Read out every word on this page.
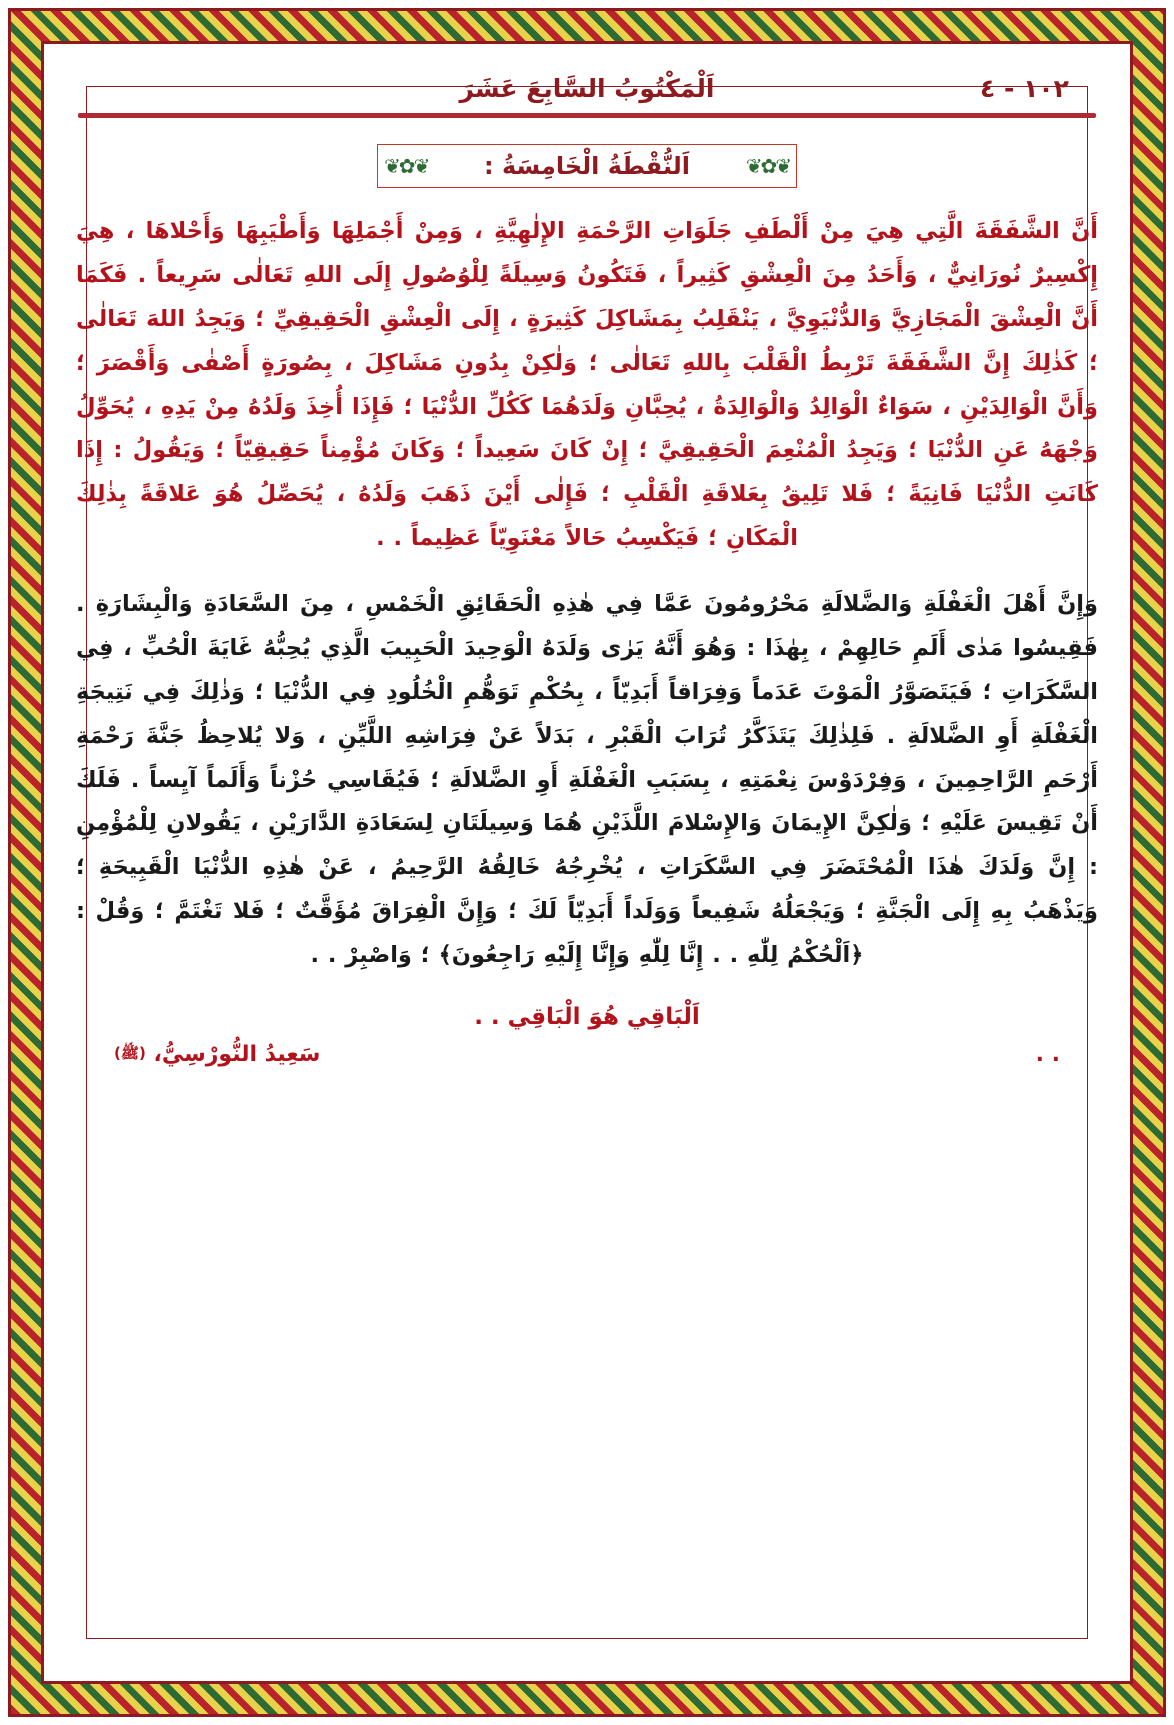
١٠٢ - ٤
اَلْمَكْتُوبُ السَّابِعَ عَشَرَ
❦✿❦
اَلنُّقْطَةُ الْخَامِسَةُ :
❦✿❦
أَنَّ الشَّفَقَةَ الَّتِي هِيَ مِنْ أَلْطَفِ جَلَوَاتِ الرَّحْمَةِ الإِلٰهِيَّةِ ، وَمِنْ أَجْمَلِهَا وَأَطْيَبِهَا وَأَحْلاهَا ، هِيَ إِكْسِيرٌ نُورَانِيٌّ ، وَأَحَدُ مِنَ الْعِشْقِ كَثِيراً ، فَتَكُونُ وَسِيلَةً لِلْوُصُولِ إِلَى اللهِ تَعَالٰى سَرِيعاً . فَكَمَا أَنَّ الْعِشْقَ الْمَجَازِيَّ وَالدُّنْيَوِيَّ ، يَنْقَلِبُ بِمَشَاكِلَ كَثِيرَةٍ ، إِلَى الْعِشْقِ الْحَقِيقِيِّ ؛ وَيَجِدُ اللهَ تَعَالٰى ؛ كَذٰلِكَ إِنَّ الشَّفَقَةَ تَرْبِطُ الْقَلْبَ بِاللهِ تَعَالٰى ؛ وَلٰكِنْ بِدُونِ مَشَاكِلَ ، بِصُورَةٍ أَصْفٰى وَأَقْصَرَ ؛ وَأَنَّ الْوَالِدَيْنِ ، سَوَاءٌ الْوَالِدُ وَالْوَالِدَةُ ، يُحِبَّانِ وَلَدَهُمَا كَكُلِّ الدُّنْيَا ؛ فَإِذَا أُخِذَ وَلَدُهُ مِنْ يَدِهِ ، يُحَوِّلُ وَجْهَهُ عَنِ الدُّنْيَا ؛ وَيَجِدُ الْمُنْعِمَ الْحَقِيقِيَّ ؛ إِنْ كَانَ سَعِيداً ؛ وَكَانَ مُؤْمِناً حَقِيقِيّاً ؛ وَيَقُولُ : إِذَا كَانَتِ الدُّنْيَا فَانِيَةً ؛ فَلا تَلِيقُ بِعَلاقَةِ الْقَلْبِ ؛ فَإِلٰى أَيْنَ ذَهَبَ وَلَدُهُ ، يُحَصِّلُ هُوَ عَلاقَةً بِذٰلِكَ الْمَكَانِ ؛ فَيَكْسِبُ حَالاً مَعْنَوِيّاً عَظِيماً . .
وَإِنَّ أَهْلَ الْغَفْلَةِ وَالضَّلالَةِ مَحْرُومُونَ عَمَّا فِي هٰذِهِ الْحَقَائِقِ الْخَمْسِ ، مِنَ السَّعَادَةِ وَالْبِشَارَةِ . فَقِيسُوا مَدٰى أَلَمِ حَالِهِمْ ، بِهٰذَا : وَهُوَ أَنَّهُ يَرٰى وَلَدَهُ الْوَحِيدَ الْحَبِيبَ الَّذِي يُحِبُّهُ غَايَةَ الْحُبِّ ، فِي السَّكَرَاتِ ؛ فَيَتَصَوَّرُ الْمَوْتَ عَدَماً وَفِرَاقاً أَبَدِيّاً ، بِحُكْمِ تَوَهُّمِ الْخُلُودِ فِي الدُّنْيَا ؛ وَذٰلِكَ فِي نَتِيجَةِ الْغَفْلَةِ أَوِ الضَّلالَةِ . فَلِذٰلِكَ يَتَذَكَّرُ تُرَابَ الْقَبْرِ ، بَدَلاً عَنْ فِرَاشِهِ اللَّيِّنِ ، وَلا يُلاحِظُ جَنَّةَ رَحْمَةِ أَرْحَمِ الرَّاحِمِينَ ، وَفِرْدَوْسَ نِعْمَتِهِ ، بِسَبَبِ الْغَفْلَةِ أَوِ الضَّلالَةِ ؛ فَيُقَاسِي حُزْناً وَأَلَماً آيِساً . فَلَكَ أَنْ تَقِيسَ عَلَيْهِ ؛ وَلٰكِنَّ الإِيمَانَ وَالإِسْلامَ اللَّذَيْنِ هُمَا وَسِيلَتَانِ لِسَعَادَةِ الدَّارَيْنِ ، يَقُولانِ لِلْمُؤْمِنِ : إِنَّ وَلَدَكَ هٰذَا الْمُحْتَضَرَ فِي السَّكَرَاتِ ، يُخْرِجُهُ خَالِقُهُ الرَّحِيمُ ، عَنْ هٰذِهِ الدُّنْيَا الْقَبِيحَةِ ؛ وَيَذْهَبُ بِهِ إِلَى الْجَنَّةِ ؛ وَيَجْعَلُهُ شَفِيعاً وَوَلَداً أَبَدِيّاً لَكَ ؛ وَإِنَّ الْفِرَاقَ مُؤَقَّتٌ ؛ فَلا تَغْتَمَّ ؛ وَقُلْ : ﴿اَلْحُكْمُ لِلّٰهِ . . إِنَّا لِلّٰهِ وَإِنَّا إِلَيْهِ رَاجِعُونَ﴾ ؛ وَاصْبِرْ . .
اَلْبَاقِي هُوَ الْبَاقِي . .
. .
سَعِيدُ النُّورْسِيُّ، (ﷺ)
